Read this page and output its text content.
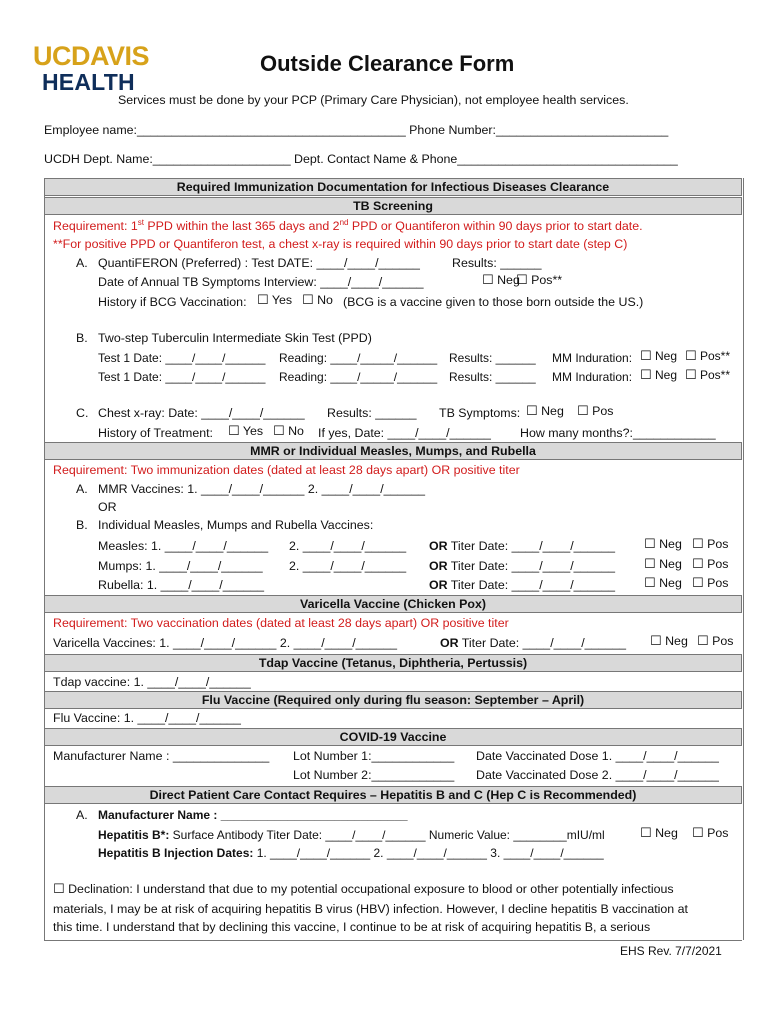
UCDAVIS
HEALTH
Outside Clearance Form
Services must be done by your PCP (Primary Care Physician), not employee health services.
Employee name:_______________________________________ Phone Number:_________________________
UCDH Dept. Name:____________________ Dept. Contact Name & Phone________________________________
Required Immunization Documentation for Infectious Diseases Clearance
TB Screening
Requirement: 1st PPD within the last 365 days and 2nd PPD or Quantiferon within 90 days prior to start date.
**For positive PPD or Quantiferon test, a chest x-ray is required within 90 days prior to start date (step C)
A. QuantiFERON (Preferred) : Test DATE: ____/____/______	Results: ______
Date of Annual TB Symptoms Interview: ____/____/______ ☐	Neg ☐ Pos**
History if BCG Vaccination: ☐	Yes ☐	No (BCG is a vaccine given to those born outside the US.)
B. Two-step Tuberculin Intermediate Skin Test (PPD)
Test 1 Date: ____/____/______ Reading: ____/_____/______ Results: ______ MM Induration: ☐	Neg ☐	Pos**
Test 1 Date: ____/____/______ Reading: ____/_____/______ Results: ______ MM Induration: ☐	Neg ☐	Pos**
C. Chest x-ray: Date: ____/____/______ Results: ______ TB Symptoms: ☐	Neg ☐	Pos
History of Treatment: ☐	Yes ☐	No If yes, Date: ____/____/______ How many months?:____________
MMR or Individual Measles, Mumps, and Rubella
Requirement: Two immunization dates (dated at least 28 days apart) OR positive titer
A. MMR Vaccines: 1. ____/____/______ 2. ____/____/______
OR
B. Individual Measles, Mumps and Rubella Vaccines:
Measles: 1. ____/____/______ 2. ____/____/______ OR Titer Date: ____/____/______ ☐	Neg ☐	Pos
Mumps: 1. ____/____/______ 2. ____/____/______ OR Titer Date: ____/____/______ ☐	Neg ☐	Pos
Rubella: 1. ____/____/______	OR Titer Date: ____/____/______ ☐	Neg ☐	Pos
Varicella Vaccine (Chicken Pox)
Requirement: Two vaccination dates (dated at least 28 days apart) OR positive titer
Varicella Vaccines: 1. ____/____/______ 2. ____/____/______	OR Titer Date: ____/____/______ ☐	Neg ☐	Pos
Tdap Vaccine (Tetanus, Diphtheria, Pertussis)
Tdap vaccine: 1. ____/____/______
Flu Vaccine (Required only during flu season: September – April)
Flu Vaccine: 1. ____/____/______
COVID-19 Vaccine
Manufacturer Name : ______________ Lot Number 1:____________ Date Vaccinated Dose 1. ____/____/______
Lot Number 2:____________ Date Vaccinated Dose 2. ____/____/______
Direct Patient Care Contact Requires – Hepatitis B and C (Hep C is Recommended)
A. Manufacturer Name : ____________________________
Hepatitis B*: Surface Antibody Titer Date: ____/____/______ Numeric Value: ________mIU/ml ☐	Neg ☐	Pos
Hepatitis B Injection Dates: 1. ____/____/______ 2. ____/____/______ 3. ____/____/______
☐ Declination: I understand that due to my potential occupational exposure to blood or other potentially infectious
materials, I may be at risk of acquiring hepatitis B virus (HBV) infection. However, I decline hepatitis B vaccination at
this time. I understand that by declining this vaccine, I continue to be at risk of acquiring hepatitis B, a serious
EHS Rev. 7/7/2021
